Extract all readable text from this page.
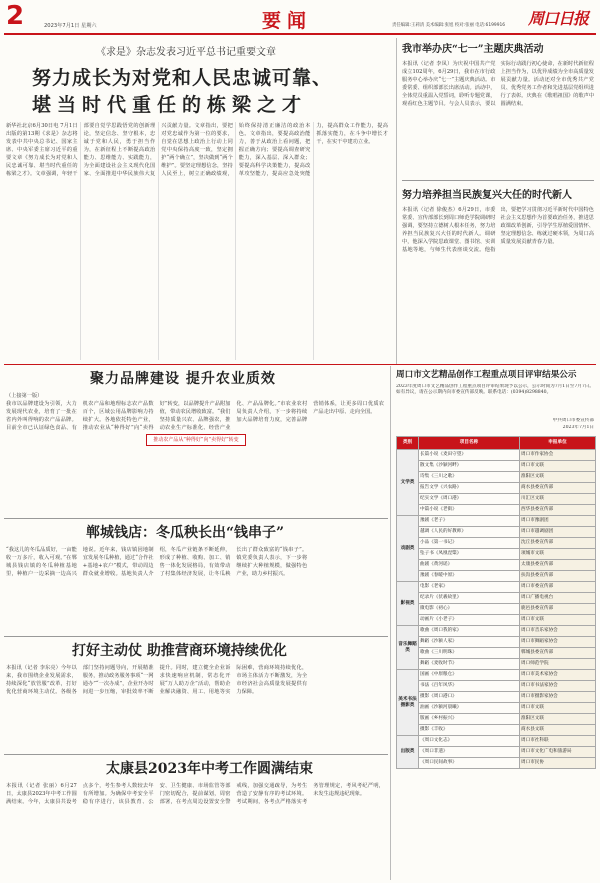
2	2023年7月1日 星期六	要闻	责任编辑:王莉清 美术编辑:张旭 校对:张丽 电话:6199916 周口日报
《求是》杂志发表习近平总书记重要文章
努力成长为对党和人民忠诚可靠、
堪当时代重任的栋梁之才
新华社北京6月30日电 7月1日出版的第13期《求是》杂志将发表中共中央总书记、国家主席、中央军委主席习近平的重要文章《努力成长为对党和人民忠诚可靠、堪当时代重任的栋梁之才》。文章强调，年轻干部要自觉学思践悟党的创新理论，坚定信念、坚守根本，忠诚于党和人民，勇于担当作为，在新征程上不断提高政治能力、思维能力、实践能力，为全面建设社会主义现代化国家、全面推进中华民族伟大复兴贡献力量。文章指出，要把对党忠诚作为第一位的要求，自觉在思想上政治上行动上同党中央保持高度一致，坚定拥护“两个确立”，坚决做到“两个维护”。要坚定理想信念，坚持人民至上，树立正确政绩观，始终保持清正廉洁的政治本色。文章指出，要提高政治能力，善于从政治上看问题，把握正确方向；要提高调查研究能力，深入基层、深入群众；要提高科学决策能力，提高改革攻坚能力，提高应急处突能力，提高群众工作能力，提高抓落实能力，在斗争中增长才干，在实干中建功立业。
我市举办庆“七一”主题庆典活动
本报讯（记者 李凤）为庆祝中国共产党成立102周年，6月29日，我市在市行政服务中心举办庆“七一”主题庆典活动。市委常委、组织部部长出席活动。活动中，全体党员重温入党誓词，聆听专题党课，观看红色主题节目。与会人员表示，要以实际行动践行初心使命，在新时代新征程上担当作为，以优异成绩为全市高质量发展贡献力量。活动还对全市优秀共产党员、优秀党务工作者和先进基层党组织进行了表彰。庆典在《歌唱祖国》的歌声中圆满结束。
努力培养担当民族复兴大任的时代新人
本报讯（记者 徐俊杰）6月29日，市委常委、宣传部部长到周口师范学院调研时强调，要坚持立德树人根本任务，努力培养担当民族复兴大任的时代新人。调研中，他深入学院思政课堂、图书馆、实训基地等地，与师生代表座谈交流。他指出，要把学习贯彻习近平新时代中国特色社会主义思想作为首要政治任务，推进思政课改革创新，引导学生厚植爱国情怀、坚定理想信念、练就过硬本领，为周口高质量发展贡献青春力量。
聚力品牌建设 提升农业质效
（上接第一版）
我市以品牌建设为引领，大力发展现代农业，培育了一批在省内外叫得响的农产品品牌。目前全市已认证绿色食品、有机农产品和地理标志农产品数百个，区域公用品牌影响力持续扩大。各地依托特色产业，推动农业从“种得好”向“卖得好”转变，以品牌提升产品附加值，带动农民增收致富。“我们坚持质量兴农、品牌强农，推动农业生产标准化、经营产业化、产品品牌化。”市农业农村局负责人介绍，下一步将持续加大品牌培育力度，完善品牌营销体系，让更多周口优质农产品走出中原、走向全国。
推动农产品从“种得好”向“卖得好”转变
郸城钱店：冬瓜秧长出“钱串子”
“我这儿的冬瓜品质好，一亩能收一万多斤，收入可观。”在郸城县钱店镇的冬瓜种植基地里，种植户一边采摘一边高兴地说。近年来，钱店镇因地制宜发展冬瓜种植，通过“合作社+基地+农户”模式，带动周边群众就业增收。基地负责人介绍，冬瓜产业链条不断延伸，形成了种植、收购、加工、销售一体化发展格局，有效带动了村集体经济发展，让冬瓜秧长出了群众致富的“钱串子”。镇党委负责人表示，下一步将继续扩大种植规模，做强特色产业，助力乡村振兴。
打好主动仗 助推营商环境持续优化
本报讯（记者 李东亮）今年以来，我市围绕企业发展需求，持续深化“放管服”改革，打好优化营商环境主动仗。各级各部门坚持问题导向，开展精准服务，推动政务服务事项“一网通办”“一次办成”，企业开办时间进一步压缩，审批效率不断提升。同时，建立健全企业诉求快速响应机制，常态化开展“万人助万企”活动，帮助企业解决融资、用工、用地等实际困难，营商环境持续优化，市场主体活力不断激发，为全市经济社会高质量发展提供有力保障。
太康县2023年中考工作圆满结束
本报讯（记者 张丽）6月27日，太康县2023年中考工作圆满结束。今年，太康县共设考点多个，考生参考人数较去年有所增加。为确保中考安全平稳有序进行，该县教育、公安、卫生健康、市场监管等部门密切配合，提前谋划，周密部署，在考点周边设置安全警戒线，加强交通疏导，为考生营造了安静有序的考试环境。考试期间，各考点严格落实考务管理规定，考风考纪严明，未发生违规违纪现象。
周口市文艺精品创作工程重点项目评审结果公示
2023年度周口市文艺精品创作工程重点项目评审结果现予以公示，公示时间为7月1日至7月7日。如有异议，请在公示期内向市委宣传部反映。联系电话：(0394)8298840。
中共周口市委宣传部
2023年7月1日
类别	项目名称	申报单位
文学类	长篇小说《麦田守望》	周口市作家协会
	散文集《沙颍河畔》	周口市文联
	诗集《三川之歌》	淮阳区文联
	报告文学《兴农路》	商水县委宣传部
	纪实文学《周口港》	川汇区文联
	中篇小说《老街》	西华县委宣传部
戏剧类	豫剧《老子》	周口市豫剧团
	越调《人民的好教师》	周口市越调剧团
	小品《第一书记》	沈丘县委宣传部
	坠子书《凤凰涅槃》	项城市文联
	曲剧《黄河谣》	太康县委宣传部
	豫剧《春暖中原》	扶沟县委宣传部
影视类	电影《老家》	周口市委宣传部
	纪录片《伏羲故里》	周口广播电视台
	微电影《初心》	鹿邑县委宣传部
	动画片《小老子》	周口市文联
音乐舞蹈类	歌曲《周口我的家》	周口市音乐家协会
	舞蹈《沙颍人家》	周口市舞蹈家协会
	歌曲《三川明珠》	郸城县委宣传部
	舞蹈《麦收时节》	周口师范学院
美术书法摄影类	国画《中原粮仓》	周口市美术家协会
	书法《百年风华》	周口市书法家协会
	摄影《周口港口》	周口市摄影家协会
	油画《沙颍河晨曦》	周口市文联
	版画《乡村振兴》	淮阳区文联
	摄影《丰收》	商水县文联
出版类	《周口文化志》	周口市社科联
	《周口非遗》	周口市文化广电和旅游局
	《周口民间故事》	周口市民协
